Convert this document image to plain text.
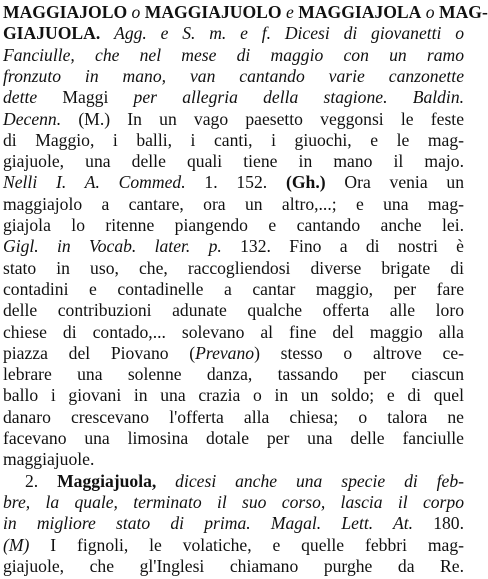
MAGGIAJOLO o MAGGIAJUOLO e MAGGIAJOLA o MAG-
GIAJUOLA. Agg. e S. m. e f. Dicesi di giovanetti o
Fanciulle, che nel mese di maggio con un ramo
fronzuto in mano, van cantando varie canzonette
dette Maggi per allegria della stagione. Baldin.
Decenn. (M.) In un vago paesetto veggonsi le feste
di Maggio, i balli, i canti, i giuochi, e le mag-
giajuole, una delle quali tiene in mano il majo.
Nelli I. A. Commed. 1. 152. (Gh.) Ora venia un
maggiajolo a cantare, ora un altro,...; e una mag-
giajola lo ritenne piangendo e cantando anche lei.
Gigl. in Vocab. later. p. 132. Fino a di nostri è
stato in uso, che, raccogliendosi diverse brigate di
contadini e contadinelle a cantar maggio, per fare
delle contribuzioni adunate qualche offerta alle loro
chiese di contado,... solevano al fine del maggio alla
piazza del Piovano (Prevano) stesso o altrove ce-
lebrare una solenne danza, tassando per ciascun
ballo i giovani in una crazia o in un soldo; e di quel
danaro crescevano l'offerta alla chiesa; o talora ne
facevano una limosina dotale per una delle fanciulle
maggiajuole.
2. Maggiajuola, dicesi anche una specie di feb-
bre, la quale, terminato il suo corso, lascia il corpo
in migliore stato di prima. Magal. Lett. At. 180.
(M) I fignoli, le volatiche, e quelle febbri mag-
giajuole, che gl'Inglesi chiamano purghe da Re.
